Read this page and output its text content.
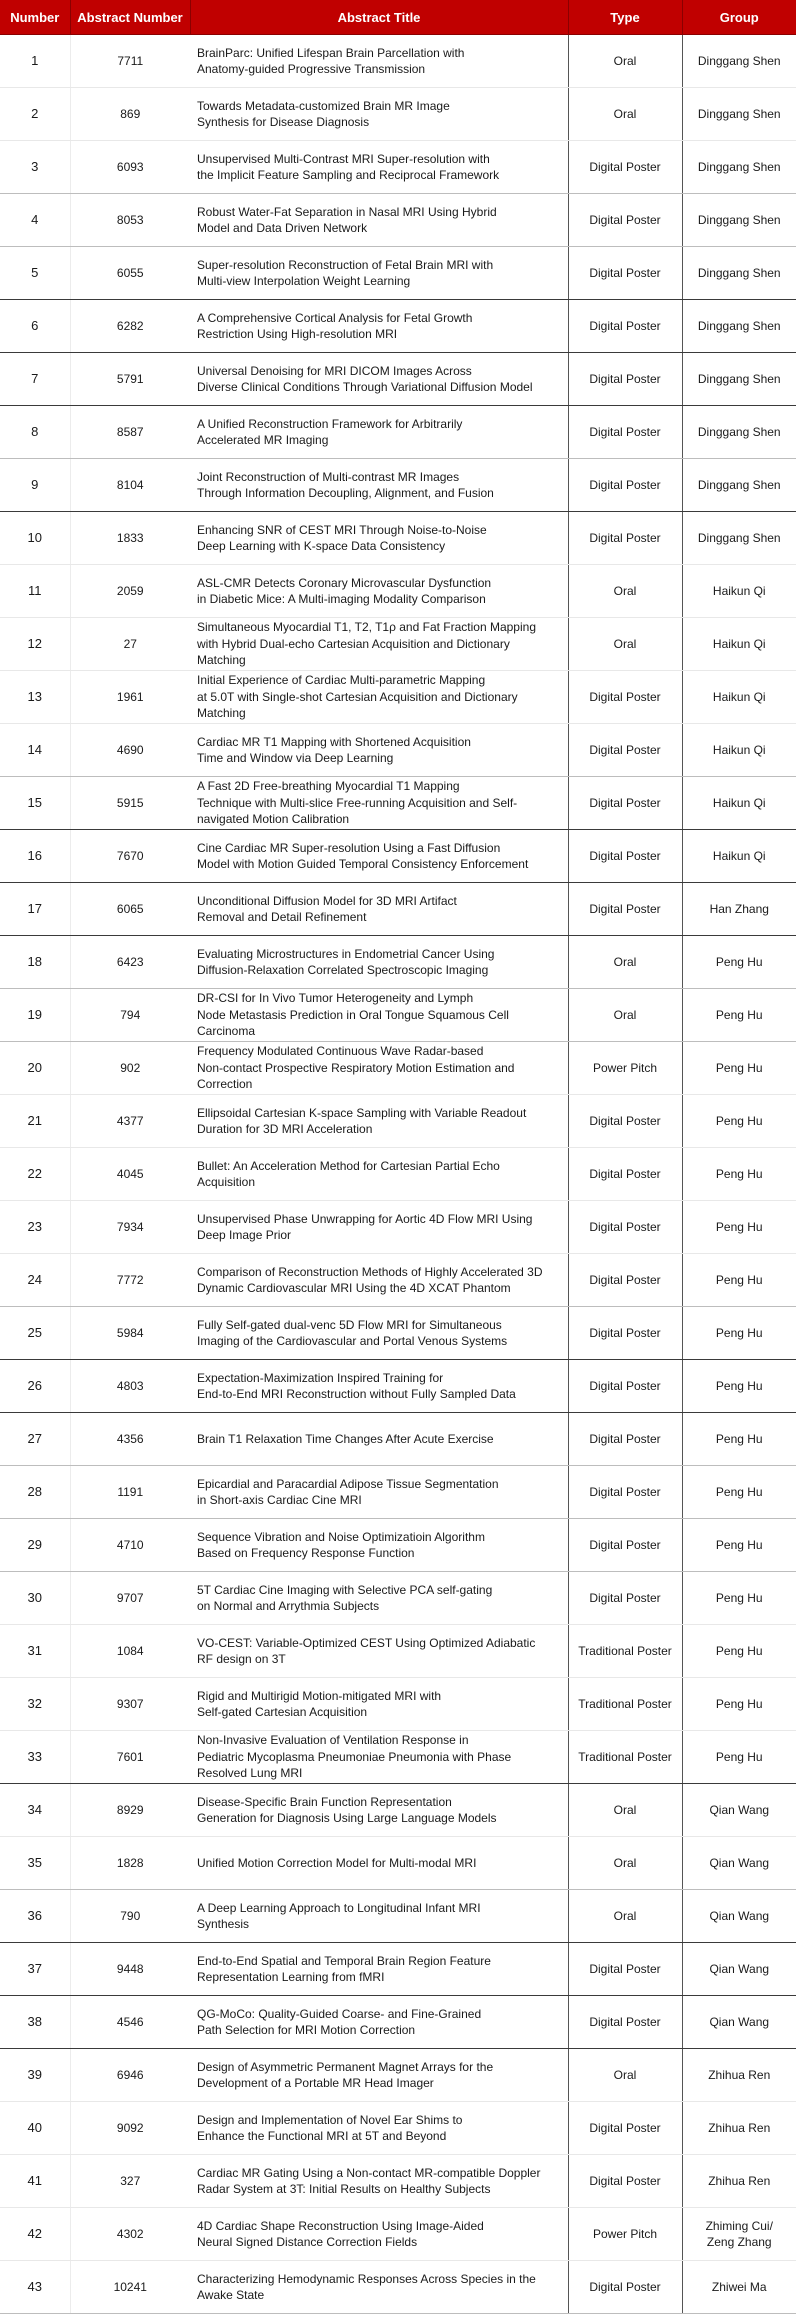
Number	Abstract Number	Abstract Title	Type	Group
1	7711	BrainParc: Unified Lifespan Brain Parcellation with
Anatomy-guided Progressive Transmission	Oral	Dinggang Shen
2	869	Towards Metadata-customized Brain MR Image
Synthesis for Disease Diagnosis	Oral	Dinggang Shen
3	6093	Unsupervised Multi-Contrast MRI Super-resolution with
the Implicit Feature Sampling and Reciprocal Framework	Digital Poster	Dinggang Shen
4	8053	Robust Water-Fat Separation in Nasal MRI Using Hybrid
Model and Data Driven Network	Digital Poster	Dinggang Shen
5	6055	Super-resolution Reconstruction of Fetal Brain MRI with
Multi-view Interpolation Weight Learning	Digital Poster	Dinggang Shen
6	6282	A Comprehensive Cortical Analysis for Fetal Growth
Restriction Using High-resolution MRI	Digital Poster	Dinggang Shen
7	5791	Universal Denoising for MRI DICOM Images Across
Diverse Clinical Conditions Through Variational Diffusion Model	Digital Poster	Dinggang Shen
8	8587	A Unified Reconstruction Framework for Arbitrarily
Accelerated MR Imaging	Digital Poster	Dinggang Shen
9	8104	Joint Reconstruction of Multi-contrast MR Images
Through Information Decoupling, Alignment, and Fusion	Digital Poster	Dinggang Shen
10	1833	Enhancing SNR of CEST MRI Through Noise-to-Noise
Deep Learning with K-space Data Consistency	Digital Poster	Dinggang Shen
11	2059	ASL-CMR Detects Coronary Microvascular Dysfunction
in Diabetic Mice: A Multi-imaging Modality Comparison	Oral	Haikun Qi
12	27	Simultaneous Myocardial T1, T2, T1ρ and Fat Fraction Mapping
with Hybrid Dual-echo Cartesian Acquisition and Dictionary
Matching	Oral	Haikun Qi
13	1961	Initial Experience of Cardiac Multi-parametric Mapping
at 5.0T with Single-shot Cartesian Acquisition and Dictionary
Matching	Digital Poster	Haikun Qi
14	4690	Cardiac MR T1 Mapping with Shortened Acquisition
Time and Window via Deep Learning	Digital Poster	Haikun Qi
15	5915	A Fast 2D Free-breathing Myocardial T1 Mapping
Technique with Multi-slice Free-running Acquisition and Self-
navigated Motion Calibration	Digital Poster	Haikun Qi
16	7670	Cine Cardiac MR Super-resolution Using a Fast Diffusion
Model with Motion Guided Temporal Consistency Enforcement	Digital Poster	Haikun Qi
17	6065	Unconditional Diffusion Model for 3D MRI Artifact
Removal and Detail Refinement	Digital Poster	Han Zhang
18	6423	Evaluating Microstructures in Endometrial Cancer Using
Diffusion-Relaxation Correlated Spectroscopic Imaging	Oral	Peng Hu
19	794	DR-CSI for In Vivo Tumor Heterogeneity and Lymph
Node Metastasis Prediction in Oral Tongue Squamous Cell
Carcinoma	Oral	Peng Hu
20	902	Frequency Modulated Continuous Wave Radar-based
Non-contact Prospective Respiratory Motion Estimation and
Correction	Power Pitch	Peng Hu
21	4377	Ellipsoidal Cartesian K-space Sampling with Variable Readout
Duration for 3D MRI Acceleration	Digital Poster	Peng Hu
22	4045	Bullet: An Acceleration Method for Cartesian Partial Echo
Acquisition	Digital Poster	Peng Hu
23	7934	Unsupervised Phase Unwrapping for Aortic 4D Flow MRI Using
Deep Image Prior	Digital Poster	Peng Hu
24	7772	Comparison of Reconstruction Methods of Highly Accelerated 3D
Dynamic Cardiovascular MRI Using the 4D XCAT Phantom	Digital Poster	Peng Hu
25	5984	Fully Self-gated dual-venc 5D Flow MRI for Simultaneous
Imaging of the Cardiovascular and Portal Venous Systems	Digital Poster	Peng Hu
26	4803	Expectation-Maximization Inspired Training for
End-to-End MRI Reconstruction without Fully Sampled Data	Digital Poster	Peng Hu
27	4356	Brain T1 Relaxation Time Changes After Acute Exercise	Digital Poster	Peng Hu
28	1191	Epicardial and Paracardial Adipose Tissue Segmentation
in Short-axis Cardiac Cine MRI	Digital Poster	Peng Hu
29	4710	Sequence Vibration and Noise Optimizatioin Algorithm
Based on Frequency Response Function	Digital Poster	Peng Hu
30	9707	5T Cardiac Cine Imaging with Selective PCA self-gating
on Normal and Arrythmia Subjects	Digital Poster	Peng Hu
31	1084	VO-CEST: Variable-Optimized CEST Using Optimized Adiabatic
RF design on 3T	Traditional Poster	Peng Hu
32	9307	Rigid and Multirigid Motion-mitigated MRI with
Self-gated Cartesian Acquisition	Traditional Poster	Peng Hu
33	7601	Non-Invasive Evaluation of Ventilation Response in
Pediatric Mycoplasma Pneumoniae Pneumonia with Phase
Resolved Lung MRI	Traditional Poster	Peng Hu
34	8929	Disease-Specific Brain Function Representation
Generation for Diagnosis Using Large Language Models	Oral	Qian Wang
35	1828	Unified Motion Correction Model for Multi-modal MRI	Oral	Qian Wang
36	790	A Deep Learning Approach to Longitudinal Infant MRI
Synthesis	Oral	Qian Wang
37	9448	End-to-End Spatial and Temporal Brain Region Feature
Representation Learning from fMRI	Digital Poster	Qian Wang
38	4546	QG-MoCo: Quality-Guided Coarse- and Fine-Grained
Path Selection for MRI Motion Correction	Digital Poster	Qian Wang
39	6946	Design of Asymmetric Permanent Magnet Arrays for the
Development of a Portable MR Head Imager	Oral	Zhihua Ren
40	9092	Design and Implementation of Novel Ear Shims to
Enhance the Functional MRI at 5T and Beyond	Digital Poster	Zhihua Ren
41	327	Cardiac MR Gating Using a Non-contact MR-compatible Doppler
Radar System at 3T: Initial Results on Healthy Subjects	Digital Poster	Zhihua Ren
42	4302	4D Cardiac Shape Reconstruction Using Image-Aided
Neural Signed Distance Correction Fields	Power Pitch	Zhiming Cui/
Zeng Zhang
43	10241	Characterizing Hemodynamic Responses Across Species in the
Awake State	Digital Poster	Zhiwei Ma
